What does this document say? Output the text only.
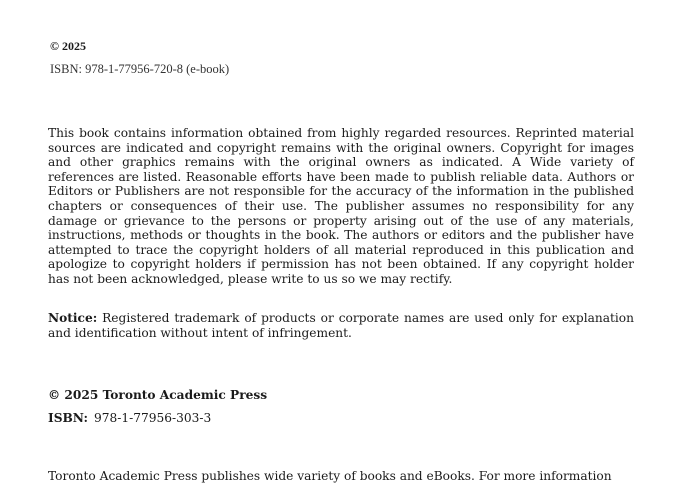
© 2025
ISBN: 978-1-77956-720-8 (e-book)

This book contains information obtained from highly regarded resources. Reprinted material sources are indicated and copyright remains with the original owners. Copyright for images and other graphics remains with the original owners as indicated. A Wide variety of references are listed. Reasonable efforts have been made to publish reliable data. Authors or Editors or Publishers are not responsible for the accuracy of the information in the published chapters or consequences of their use. The publisher assumes no responsibility for any damage or grievance to the persons or property arising out of the use of any materials, instructions, methods or thoughts in the book. The authors or editors and the publisher have attempted to trace the copyright holders of all material reproduced in this publication and apologize to copyright holders if permission has not been obtained. If any copyright holder has not been acknowledged, please write to us so we may rectify.

Notice: Registered trademark of products or corporate names are used only for explanation and identification without intent of infringement.

© 2025 Toronto Academic Press
ISBN: 978-1-77956-303-3

Toronto Academic Press publishes wide variety of books and eBooks. For more information
